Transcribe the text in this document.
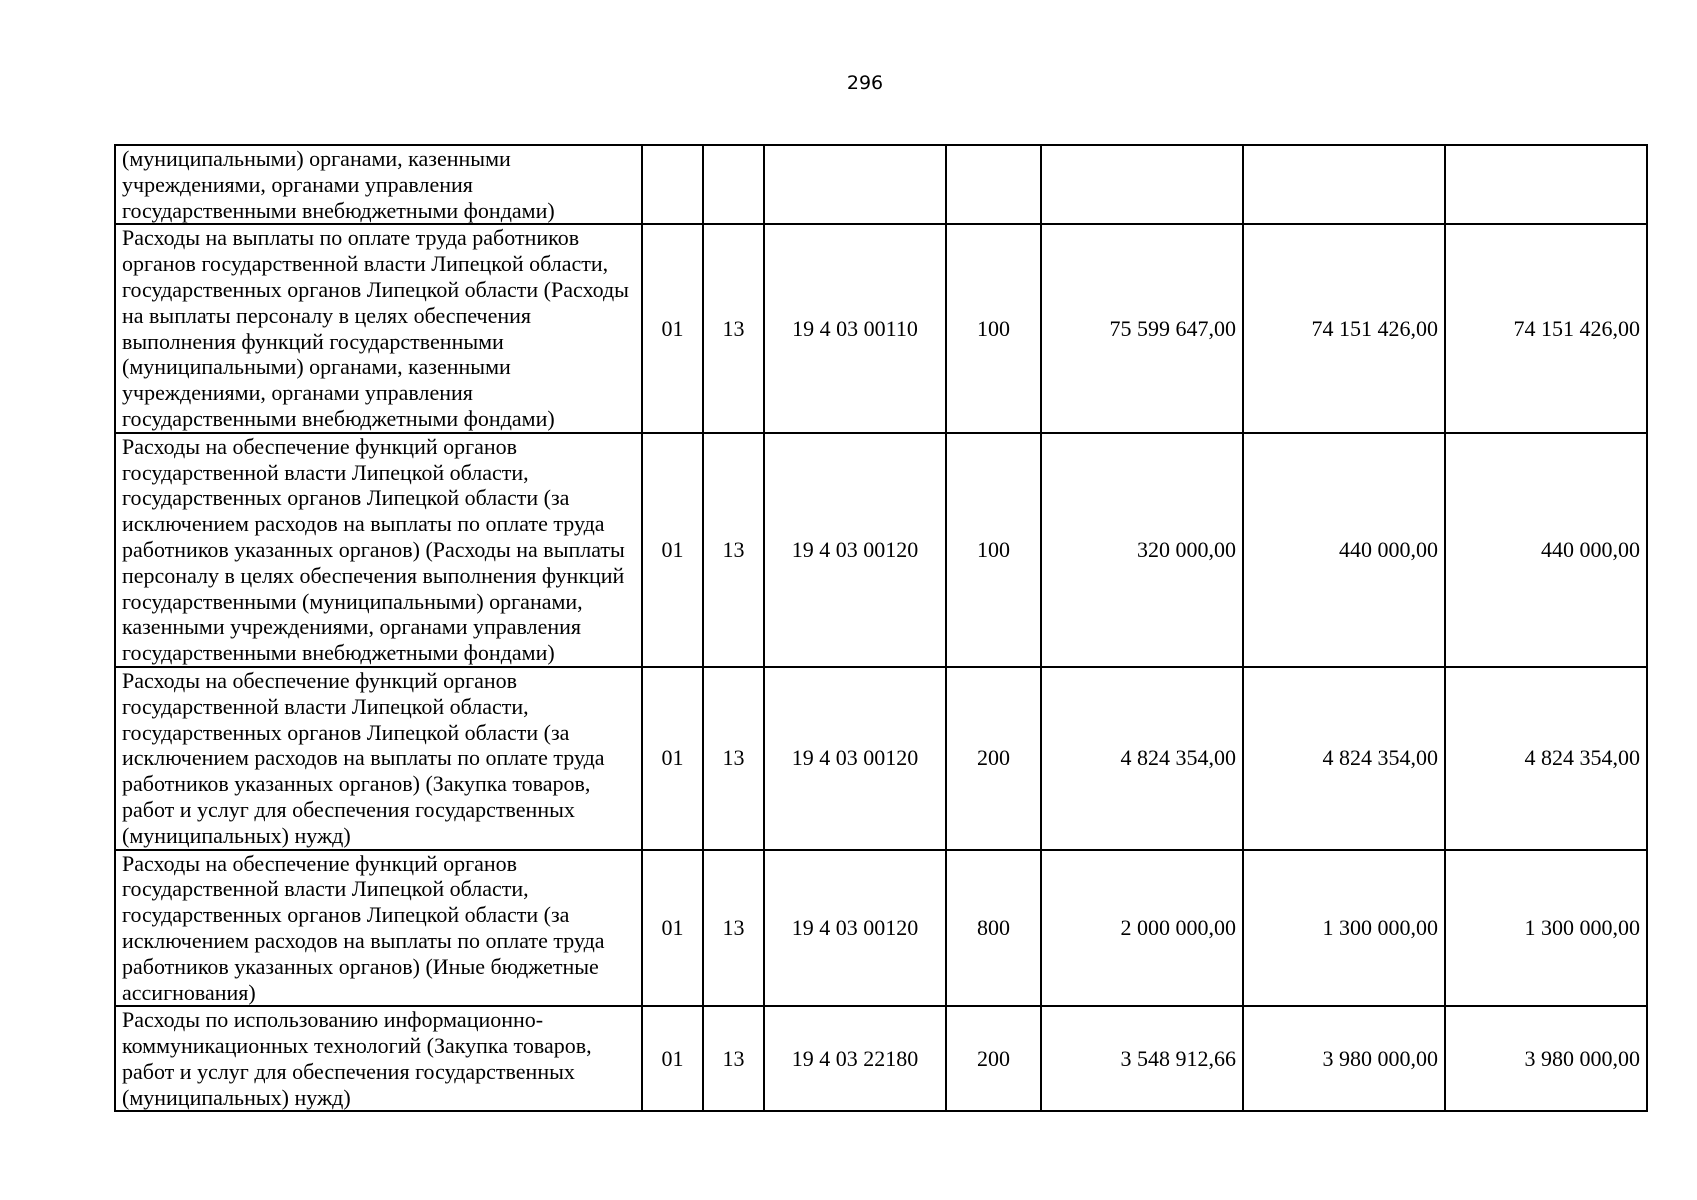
296
(муниципальными) органами, казенными учреждениями, органами управления государственными внебюджетными фондами)							
Расходы на выплаты по оплате труда работников органов государственной власти Липецкой области, государственных органов Липецкой области (Расходы на выплаты персоналу в целях обеспечения выполнения функций государственными (муниципальными) органами, казенными учреждениями, органами управления государственными внебюджетными фондами)	01	13	19 4 03 00110	100	75 599 647,00	74 151 426,00	74 151 426,00
Расходы на обеспечение функций органов государственной власти Липецкой области, государственных органов Липецкой области (за исключением расходов на выплаты по оплате труда работников указанных органов) (Расходы на выплаты персоналу в целях обеспечения выполнения функций государственными (муниципальными) органами, казенными учреждениями, органами управления государственными внебюджетными фондами)	01	13	19 4 03 00120	100	320 000,00	440 000,00	440 000,00
Расходы на обеспечение функций органов государственной власти Липецкой области, государственных органов Липецкой области (за исключением расходов на выплаты по оплате труда работников указанных органов) (Закупка товаров, работ и услуг для обеспечения государственных (муниципальных) нужд)	01	13	19 4 03 00120	200	4 824 354,00	4 824 354,00	4 824 354,00
Расходы на обеспечение функций органов государственной власти Липецкой области, государственных органов Липецкой области (за исключением расходов на выплаты по оплате труда работников указанных органов) (Иные бюджетные ассигнования)	01	13	19 4 03 00120	800	2 000 000,00	1 300 000,00	1 300 000,00
Расходы по использованию информационно-коммуникационных технологий (Закупка товаров, работ и услуг для обеспечения государственных (муниципальных) нужд)	01	13	19 4 03 22180	200	3 548 912,66	3 980 000,00	3 980 000,00
